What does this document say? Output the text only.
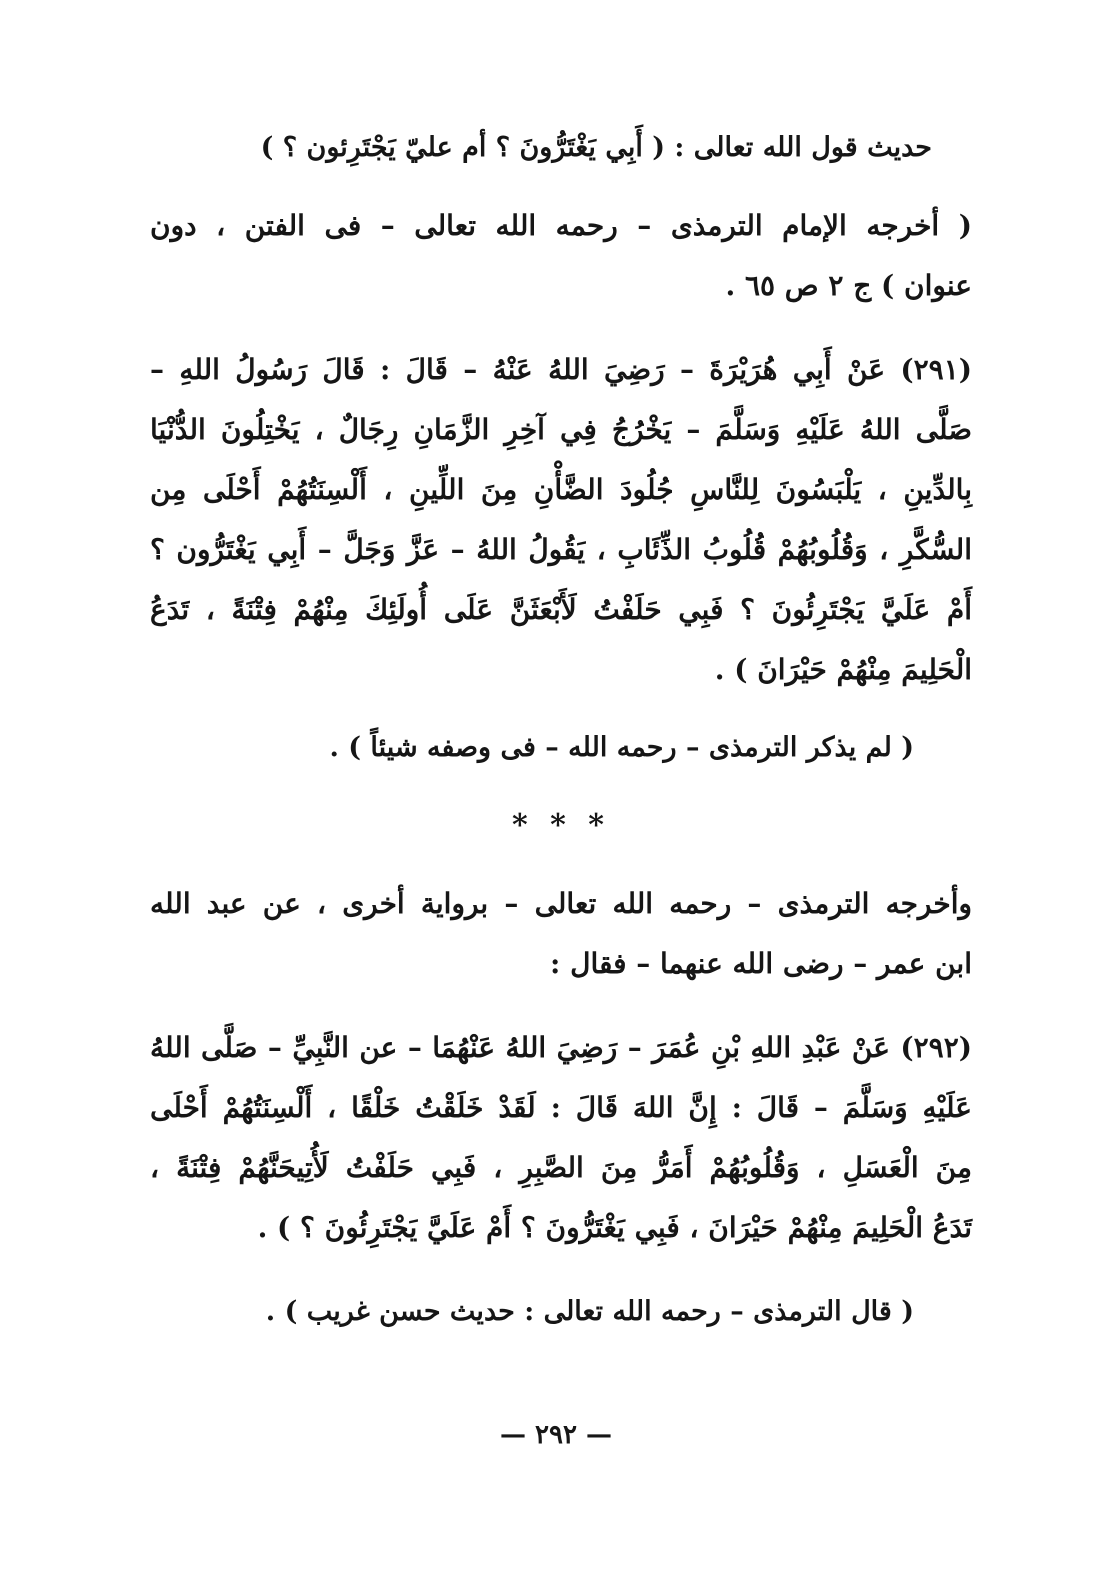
حديث قول الله تعالى : ( أَبِي يَغْتَرُّونَ ؟ أم عليّ يَجْتَرِئون ؟ )
( أخرجه الإمام الترمذى – رحمه الله تعالى – فى الفتن ، دون
عنوان ) ج ٢ ص ٦٥ .
(٢٩١) عَنْ أَبِي هُرَيْرَةَ – رَضِيَ اللهُ عَنْهُ – قَالَ : قَالَ رَسُولُ اللهِ –
صَلَّى اللهُ عَلَيْهِ وَسَلَّمَ – يَخْرُجُ فِي آخِرِ الزَّمَانِ رِجَالٌ ، يَخْتِلُونَ الدُّنْيَا
بِالدِّينِ ، يَلْبَسُونَ لِلنَّاسِ جُلُودَ الضَّأْنِ مِنَ اللِّينِ ، أَلْسِنَتُهُمْ أَحْلَى مِن
السُّكَّرِ ، وَقُلُوبُهُمْ قُلُوبُ الذِّئَابِ ، يَقُولُ اللهُ – عَزَّ وَجَلَّ – أَبِي يَغْتَرُّون ؟
أَمْ عَلَيَّ يَجْتَرِئُونَ ؟ فَبِي حَلَفْتُ لَأَبْعَثَنَّ عَلَى أُولَئِكَ مِنْهُمْ فِتْنَةً ، تَدَعُ
الْحَلِيمَ مِنْهُمْ حَيْرَانَ ) .
( لم يذكر الترمذى – رحمه الله – فى وصفه شيئاً ) .
* * *
وأخرجه الترمذى – رحمه الله تعالى – برواية أخرى ، عن عبد الله
ابن عمر – رضى الله عنهما – فقال :
(٢٩٢) عَنْ عَبْدِ اللهِ بْنِ عُمَرَ – رَضِيَ اللهُ عَنْهُمَا – عن النَّبِيِّ – صَلَّى اللهُ
عَلَيْهِ وَسَلَّمَ – قَالَ : إِنَّ اللهَ قَالَ : لَقَدْ خَلَقْتُ خَلْقًا ، أَلْسِنَتُهُمْ أَحْلَى
مِنَ الْعَسَلِ ، وَقُلُوبُهُمْ أَمَرُّ مِنَ الصَّبِرِ ، فَبِي حَلَفْتُ لَأُتِيحَنَّهُمْ فِتْنَةً ،
تَدَعُ الْحَلِيمَ مِنْهُمْ حَيْرَانَ ، فَبِي يَغْتَرُّونَ ؟ أَمْ عَلَيَّ يَجْتَرِئُونَ ؟ ) .
( قال الترمذى – رحمه الله تعالى : حديث حسن غريب ) .
— ٢٩٢ —
